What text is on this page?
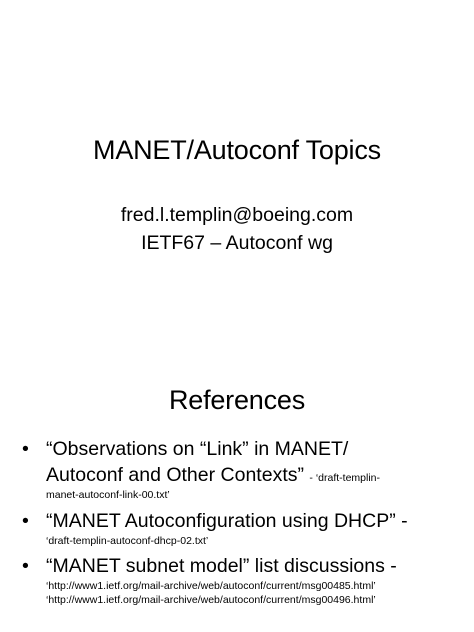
MANET/Autoconf Topics
fred.l.templin@boeing.com
IETF67 – Autoconf wg
References
• “Observations on “Link” in MANET/
Autoconf and Other Contexts” - ‘draft-templin-
manet-autoconf-link-00.txt’
• “MANET Autoconfiguration using DHCP” -
‘draft-templin-autoconf-dhcp-02.txt’
• “MANET subnet model” list discussions -
‘http://www1.ietf.org/mail-archive/web/autoconf/current/msg00485.html’
‘http://www1.ietf.org/mail-archive/web/autoconf/current/msg00496.html’
